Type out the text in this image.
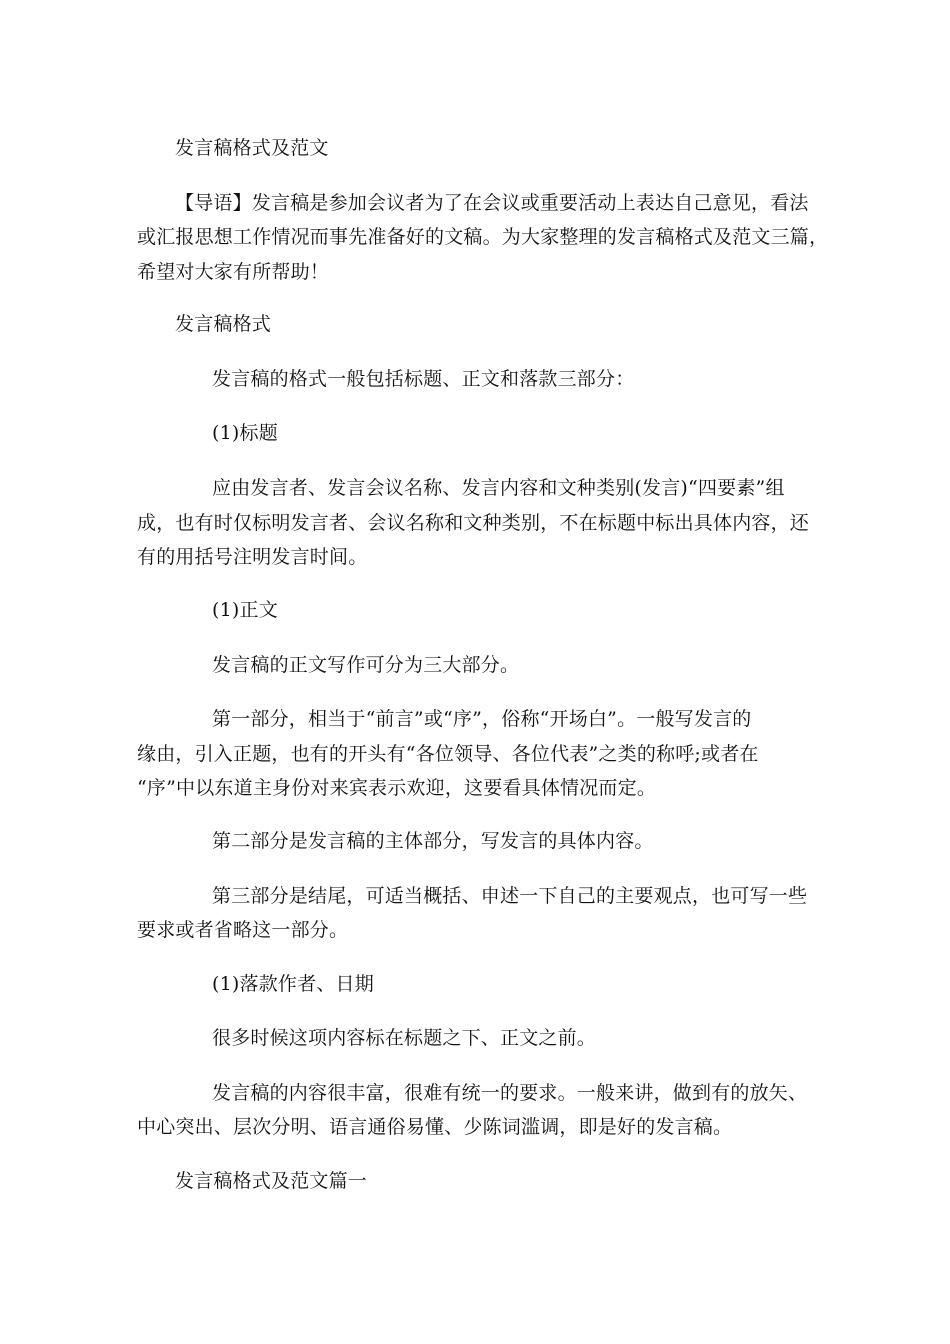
发言稿格式及范文

【导语】发言稿是参加会议者为了在会议或重要活动上表达自己意见，看法

或汇报思想工作情况而事先准备好的文稿。为大家整理的发言稿格式及范文三篇，

希望对大家有所帮助！

发言稿格式

发言稿的格式一般包括标题、正文和落款三部分：

(1)标题

应由发言者、发言会议名称、发言内容和文种类别(发言)“四要素”组

成，也有时仅标明发言者、会议名称和文种类别，不在标题中标出具体内容，还

有的用括号注明发言时间。

(1)正文

发言稿的正文写作可分为三大部分。

第一部分，相当于“前言”或“序”，俗称“开场白”。一般写发言的

缘由，引入正题，也有的开头有“各位领导、各位代表”之类的称呼;或者在

“序”中以东道主身份对来宾表示欢迎，这要看具体情况而定。

第二部分是发言稿的主体部分，写发言的具体内容。

第三部分是结尾，可适当概括、申述一下自己的主要观点，也可写一些

要求或者省略这一部分。

(1)落款作者、日期

很多时候这项内容标在标题之下、正文之前。

发言稿的内容很丰富，很难有统一的要求。一般来讲，做到有的放矢、

中心突出、层次分明、语言通俗易懂、少陈词滥调，即是好的发言稿。

发言稿格式及范文篇一
